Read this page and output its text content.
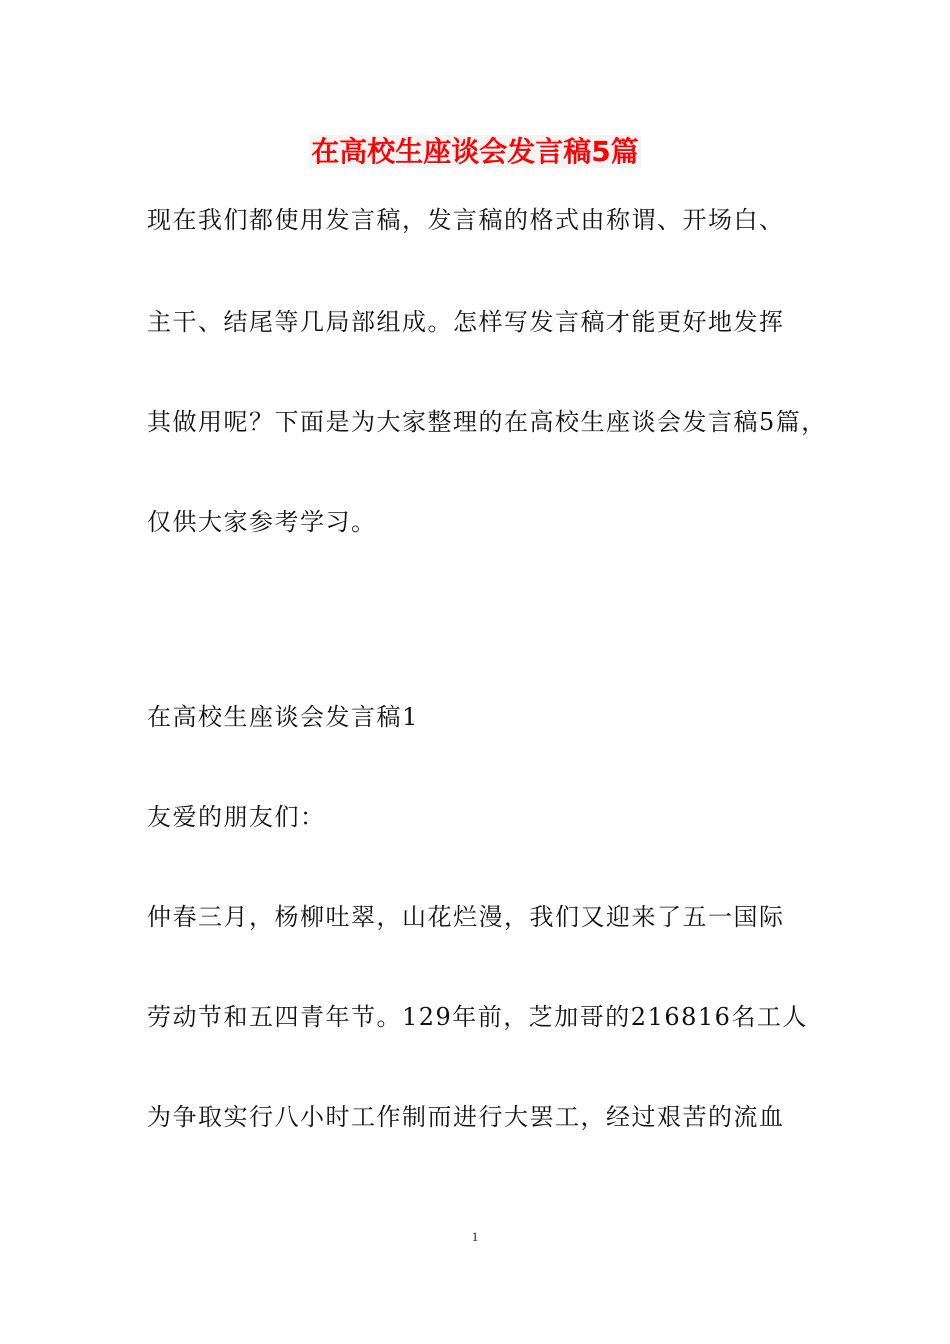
在高校生座谈会发言稿5篇
现在我们都使用发言稿，发言稿的格式由称谓、开场白、
主干、结尾等几局部组成。怎样写发言稿才能更好地发挥
其做用呢？下面是为大家整理的在高校生座谈会发言稿5篇，
仅供大家参考学习。
在高校生座谈会发言稿1
友爱的朋友们：
仲春三月，杨柳吐翠，山花烂漫，我们又迎来了五一国际
劳动节和五四青年节。129年前，芝加哥的216816名工人
为争取实行八小时工作制而进行大罢工，经过艰苦的流血
1
